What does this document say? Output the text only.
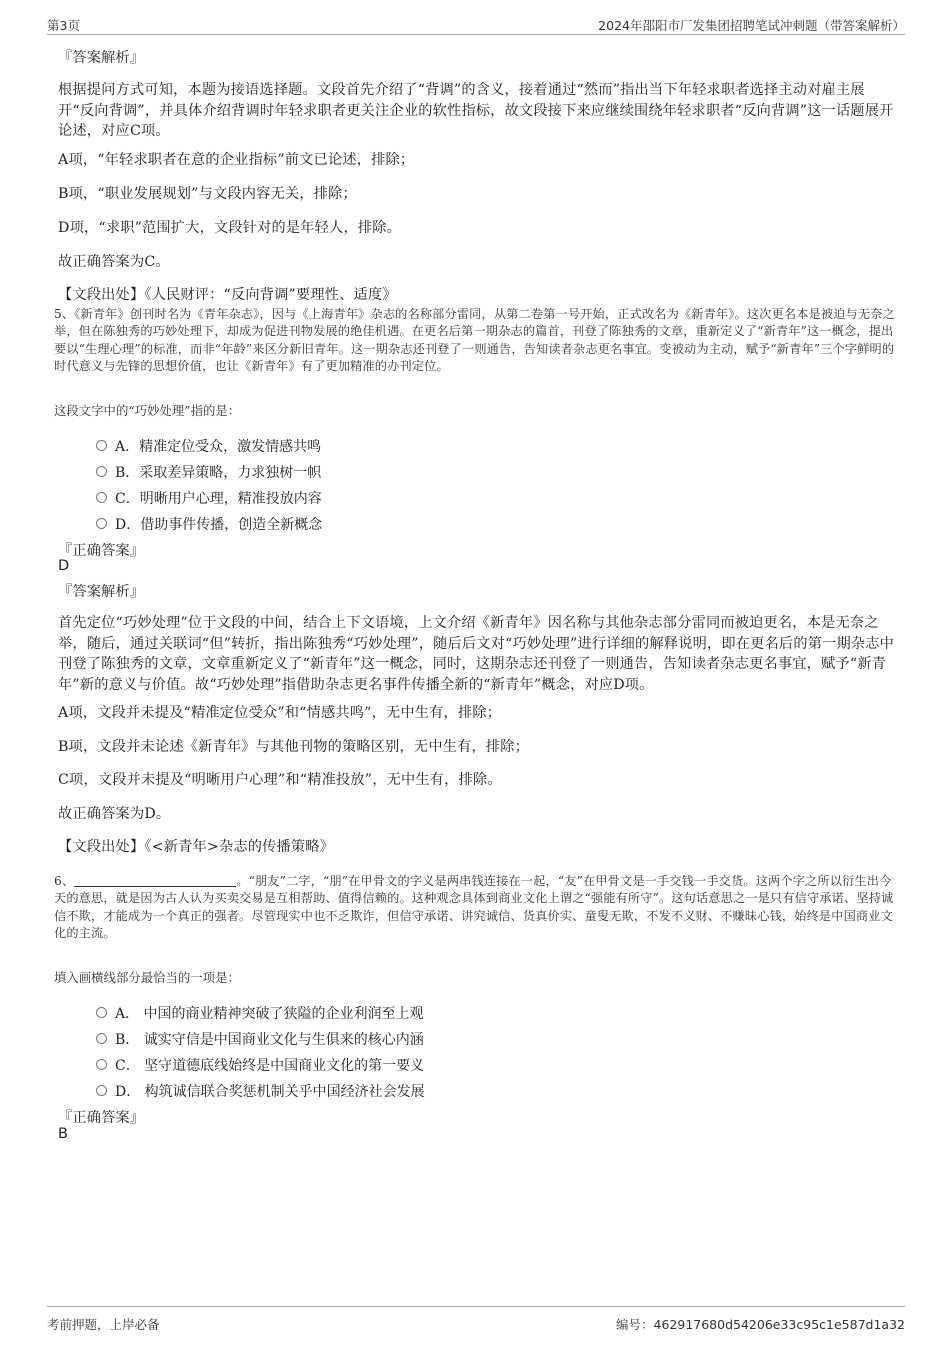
第3页	2024年邵阳市厂发集团招聘笔试冲刺题（带答案解析）
『答案解析』
根据提问方式可知，本题为接语选择题。文段首先介绍了“背调”的含义，接着通过“然而”指出当下年轻求职者选择主动对雇主展开“反向背调”，并具体介绍背调时年轻求职者更关注企业的软性指标，故文段接下来应继续围绕年轻求职者“反向背调”这一话题展开论述，对应C项。
A项，“年轻求职者在意的企业指标”前文已论述，排除；
B项，“职业发展规划”与文段内容无关，排除；
D项，“求职”范围扩大，文段针对的是年轻人，排除。
故正确答案为C。
【文段出处】《人民财评：“反向背调”要理性、适度》
5、《新青年》创刊时名为《青年杂志》，因与《上海青年》杂志的名称部分雷同，从第二卷第一号开始，正式改名为《新青年》。这次更名本是被迫与无奈之举，但在陈独秀的巧妙处理下，却成为促进刊物发展的绝佳机遇。在更名后第一期杂志的篇首，刊登了陈独秀的文章，重新定义了“新青年”这一概念，提出要以“生理心理”的标准，而非“年龄”来区分新旧青年。这一期杂志还刊登了一则通告，告知读者杂志更名事宜。变被动为主动，赋予“新青年”三个字鲜明的时代意义与先锋的思想价值，也让《新青年》有了更加精准的办刊定位。
这段文字中的“巧妙处理”指的是：
A．精准定位受众，激发情感共鸣
B．采取差异策略，力求独树一帜
C．明晰用户心理，精准投放内容
D．借助事件传播，创造全新概念
『正确答案』
D
『答案解析』
首先定位“巧妙处理”位于文段的中间，结合上下文语境，上文介绍《新青年》因名称与其他杂志部分雷同而被迫更名，本是无奈之举，随后，通过关联词“但”转折，指出陈独秀“巧妙处理”，随后后文对“巧妙处理”进行详细的解释说明，即在更名后的第一期杂志中刊登了陈独秀的文章，文章重新定义了“新青年”这一概念，同时，这期杂志还刊登了一则通告，告知读者杂志更名事宜，赋予“新青年”新的意义与价值。故“巧妙处理”指借助杂志更名事件传播全新的“新青年”概念，对应D项。
A项，文段并未提及“精准定位受众”和“情感共鸣”，无中生有，排除；
B项，文段并未论述《新青年》与其他刊物的策略区别，无中生有，排除；
C项，文段并未提及“明晰用户心理”和“精准投放”，无中生有，排除。
故正确答案为D。
【文段出处】《<新青年>杂志的传播策略》
6、	。“朋友”二字，“朋”在甲骨文的字义是两串钱连接在一起，“友”在甲骨文是一手交钱一手交货。这两个字之所以衍生出今天的意思，就是因为古人认为买卖交易是互相帮助、值得信赖的。这种观念具体到商业文化上谓之“强能有所守”。这句话意思之一是只有信守承诺、坚持诚信不欺，才能成为一个真正的强者。尽管现实中也不乏欺诈，但信守承诺、讲究诚信、货真价实、童叟无欺，不发不义财、不赚昧心钱，始终是中国商业文化的主流。
填入画横线部分最恰当的一项是：
A． 中国的商业精神突破了狭隘的企业利润至上观
B． 诚实守信是中国商业文化与生俱来的核心内涵
C． 坚守道德底线始终是中国商业文化的第一要义
D． 构筑诚信联合奖惩机制关乎中国经济社会发展
『正确答案』
B
考前押题，上岸必备	编号：462917680d54206e33c95c1e587d1a32
